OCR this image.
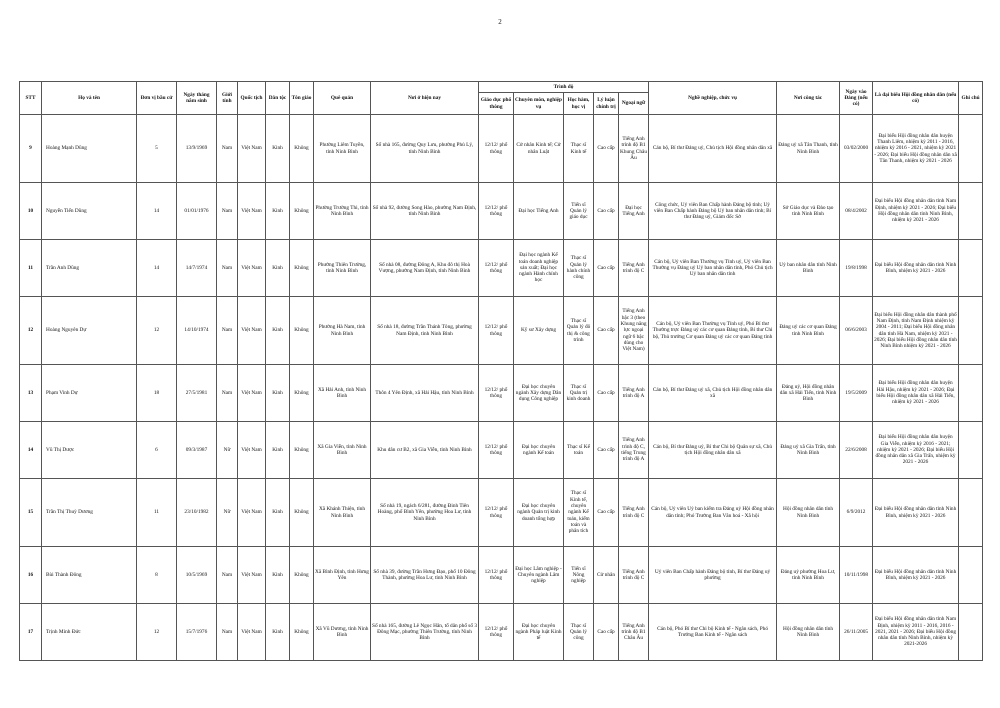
2
STT	Họ và tên	Đơn vị bầu cử	Ngày tháng năm sinh	Giới tính	Quốc tịch	Dân tộc	Tôn giáo	Quê quán	Nơi ở hiện nay	Trình độ					Nghề nghiệp, chức vụ	Nơi công tác	Ngày vào Đảng (nếu có)	Là đại biểu Hội đồng nhân dân (nếu có)	Ghi chú
										Giáo dục phổ thông	Chuyên môn, nghiệp vụ	Học hàm, học vị	Lý luận chính trị	Ngoại ngữ					
9	Hoàng Mạnh Dũng	5	13/9/1969	Nam	Việt Nam	Kinh	Không	Phường Liêm Tuyền, tỉnh Ninh Bình	Số nhà 165, đường Quy Lưu, phường Phủ Lý, tỉnh Ninh Bình	12/12/ phổ thông	Cử nhân Kinh tế; Cử nhân Luật	Thạc sĩ Kinh tế	Cao cấp	Tiếng Anh trình độ B1 Khung Châu Âu	Cán bộ, Bí thư Đảng uỷ, Chủ tịch Hội đồng nhân dân xã	Đảng uỷ xã Tân Thanh, tỉnh Ninh Bình	03/02/2000	Đại biểu Hội đồng nhân dân huyện Thanh Liêm, nhiệm kỳ 2011 - 2016, nhiệm kỳ 2016 - 2021, nhiệm kỳ 2021 - 2026; Đại biểu Hội đồng nhân dân xã Tân Thanh, nhiệm kỳ 2021 - 2026	
10	Nguyễn Tiến Dũng	14	01/01/1976	Nam	Việt Nam	Kinh	Không	Phường Trường Thi, tỉnh Ninh Bình	Số nhà 92, đường Song Hào, phường Nam Định, tỉnh Ninh Bình	12/12/ phổ thông	Đại học Tiếng Anh	Tiến sĩ Quản lý giáo dục	Cao cấp	Đại học Tiếng Anh	Công chức, Uỷ viên Ban Chấp hành Đảng bộ tỉnh; Uỷ viên Ban Chấp hành Đảng bộ Uỷ ban nhân dân tỉnh; Bí thư Đảng uỷ, Giám đốc Sở	Sở Giáo dục và Đào tạo tỉnh Ninh Bình	08/4/2002	Đại biểu Hội đồng nhân dân tỉnh Nam Định, nhiệm kỳ 2021 - 2026; Đại biểu Hội đồng nhân dân tỉnh Ninh Bình, nhiệm kỳ 2021 - 2026	
11	Trần Anh Dũng	14	14/7/1974	Nam	Việt Nam	Kinh	Không	Phường Thiên Trường, tỉnh Ninh Bình	Số nhà 08, đường Đông A, Khu đô thị Hoà Vượng, phường Nam Định, tỉnh Ninh Bình	12/12/ phổ thông	Đại học ngành Kế toán doanh nghiệp sản xuất; Đại học ngành Hành chính học	Thạc sĩ Quản lý hành chính công	Cao cấp	Tiếng Anh trình độ C	Cán bộ, Uỷ viên Ban Thường vụ Tỉnh uỷ, Uỷ viên Ban Thường vụ Đảng uỷ Uỷ ban nhân dân tỉnh, Phó Chủ tịch Uỷ ban nhân dân tỉnh	Uỷ ban nhân dân tỉnh Ninh Bình	19/8/1998	Đại biểu Hội đồng nhân dân tỉnh Ninh Bình, nhiệm kỳ 2021 - 2026	
12	Hoàng Nguyên Dự	12	14/10/1974	Nam	Việt Nam	Kinh	Không	Phường Hà Nam, tỉnh Ninh Bình	Số nhà 18, đường Trần Thánh Tông, phường Nam Định, tỉnh Ninh Bình	12/12/ phổ thông	Kỹ sư Xây dựng	Thạc sĩ Quản lý đô thị & công trình	Cao cấp	Tiếng Anh bậc 3 (theo Khung năng lực ngoại ngữ 6 bậc dùng cho Việt Nam)	Cán bộ, Uỷ viên Ban Thường vụ Tỉnh uỷ, Phó Bí thư Thường trực Đảng uỷ các cơ quan Đảng tỉnh, Bí thư Chi bộ, Thủ trưởng Cơ quan Đảng uỷ các cơ quan Đảng tỉnh	Đảng uỷ các cơ quan Đảng tỉnh Ninh Bình	06/6/2003	Đại biểu Hội đồng nhân dân thành phố Nam Định, tỉnh Nam Định nhiệm kỳ 2004 - 2011; Đại biểu Hội đồng nhân dân tỉnh Hà Nam, nhiệm kỳ 2021 - 2026; Đại biểu Hội đồng nhân dân tỉnh Ninh Bình nhiệm kỳ 2021 - 2026	
13	Phạm Vinh Dự	18	27/5/1981	Nam	Việt Nam	Kinh	Không	Xã Hải Anh, tỉnh Ninh Bình	Thôn 4 Yên Định, xã Hải Hậu, tỉnh Ninh Bình	12/12/ phổ thông	Đại học chuyên ngành Xây dựng Dân dụng Công nghiệp	Thạc sĩ Quản trị kinh doanh	Cao cấp	Tiếng Anh trình độ A	Cán bộ, Bí thư Đảng uỷ xã, Chủ tịch Hội đồng nhân dân xã	Đảng uỷ, Hội đồng nhân dân xã Hải Tiến, tỉnh Ninh Bình	19/5/2009	Đại biểu Hội đồng nhân dân huyện Hải Hậu, nhiệm kỳ 2021 - 2026; Đại biểu Hội đồng nhân dân xã Hải Tiến, nhiệm kỳ 2021 - 2026	
14	Vũ Thị Dược	6	09/3/1987	Nữ	Việt Nam	Kinh	Không	Xã Gia Viễn, tỉnh Ninh Bình	Khu dân cư B2, xã Gia Viễn, tỉnh Ninh Bình	12/12/ phổ thông	Đại học chuyên ngành Kế toán	Thạc sĩ Kế toán	Cao cấp	Tiếng Anh trình độ C, tiếng Trung trình độ A	Cán bộ, Bí thư Đảng uỷ, Bí thư Chi bộ Quân sự xã, Chủ tịch Hội đồng nhân dân xã	Đảng uỷ xã Gia Trấn, tỉnh Ninh Bình	22/6/2008	Đại biểu Hội đồng nhân dân huyện Gia Viễn, nhiệm kỳ 2016 - 2021; nhiệm kỳ 2021 - 2026; Đại biểu Hội đồng nhân dân xã Gia Trấn, nhiệm kỳ 2021 - 2026	
15	Trần Thị Thuỳ Dương	11	23/10/1982	Nữ	Việt Nam	Kinh	Không	Xã Khánh Thiện, tỉnh Ninh Bình	Số nhà 19, ngách 6/281, đường Đinh Tiên Hoàng, phố Bình Yên, phường Hoa Lư, tỉnh Ninh Bình	12/12/ phổ thông	Đại học chuyên ngành Quản trị kinh doanh tổng hợp	Thạc sĩ Kinh tế, chuyên ngành Kế toán, kiểm toán và phân tích	Cao cấp	Tiếng Anh trình độ C	Cán bộ, Uỷ viên Uỷ ban kiểm tra Đảng uỷ Hội đồng nhân dân tỉnh; Phó Trưởng Ban Văn hoá - Xã hội	Hội đồng nhân dân tỉnh Ninh Bình	6/9/2012	Đại biểu Hội đồng nhân dân tỉnh Ninh Bình, nhiệm kỳ 2021 - 2026	
16	Bùi Thành Đông	8	10/5/1969	Nam	Việt Nam	Kinh	Không	Xã Bình Định, tỉnh Hưng Yên	Số nhà 39, đường Trần Hưng Đạo, phố 10 Đông Thành, phường Hoa Lư, tỉnh Ninh Bình	12/12/ phổ thông	Đại học Lâm nghiệp - Chuyên ngành Lâm nghiệp	Tiến sĩ Nông nghiệp	Cử nhân	Tiếng Anh trình độ C	Uỷ viên Ban Chấp hành Đảng bộ tỉnh, Bí thư Đảng uỷ phường	Đảng uỷ phường Hoa Lư, tỉnh Ninh Bình	10/11/1998	Đại biểu Hội đồng nhân dân tỉnh Ninh Bình, nhiệm kỳ 2021 - 2026	
17	Trịnh Minh Đức	12	15/7/1976	Nam	Việt Nam	Kinh	Không	Xã Vũ Dương, tỉnh Ninh Bình	Số nhà 165, đường Lê Ngọc Hân, tổ dân phố số 3 Đông Mạc, phường Thiên Trường, tỉnh Ninh Bình	12/12/ phổ thông	Đại học chuyên ngành Pháp luật Kinh tế	Thạc sĩ Quản lý công	Cao cấp	Tiếng Anh trình độ B1 Châu Âu	Cán bộ, Phó Bí thư Chi bộ Kinh tế - Ngân sách, Phó Trưởng Ban Kinh tế - Ngân sách	Hội đồng nhân dân tỉnh Ninh Bình	26/11/2005	Đại biểu Hội đồng nhân dân tỉnh Nam Định, nhiệm kỳ 2011 - 2016, 2016 - 2021, 2021 - 2026; Đại biểu Hội đồng nhân dân tỉnh Ninh Bình, nhiệm kỳ 2021-2026	
